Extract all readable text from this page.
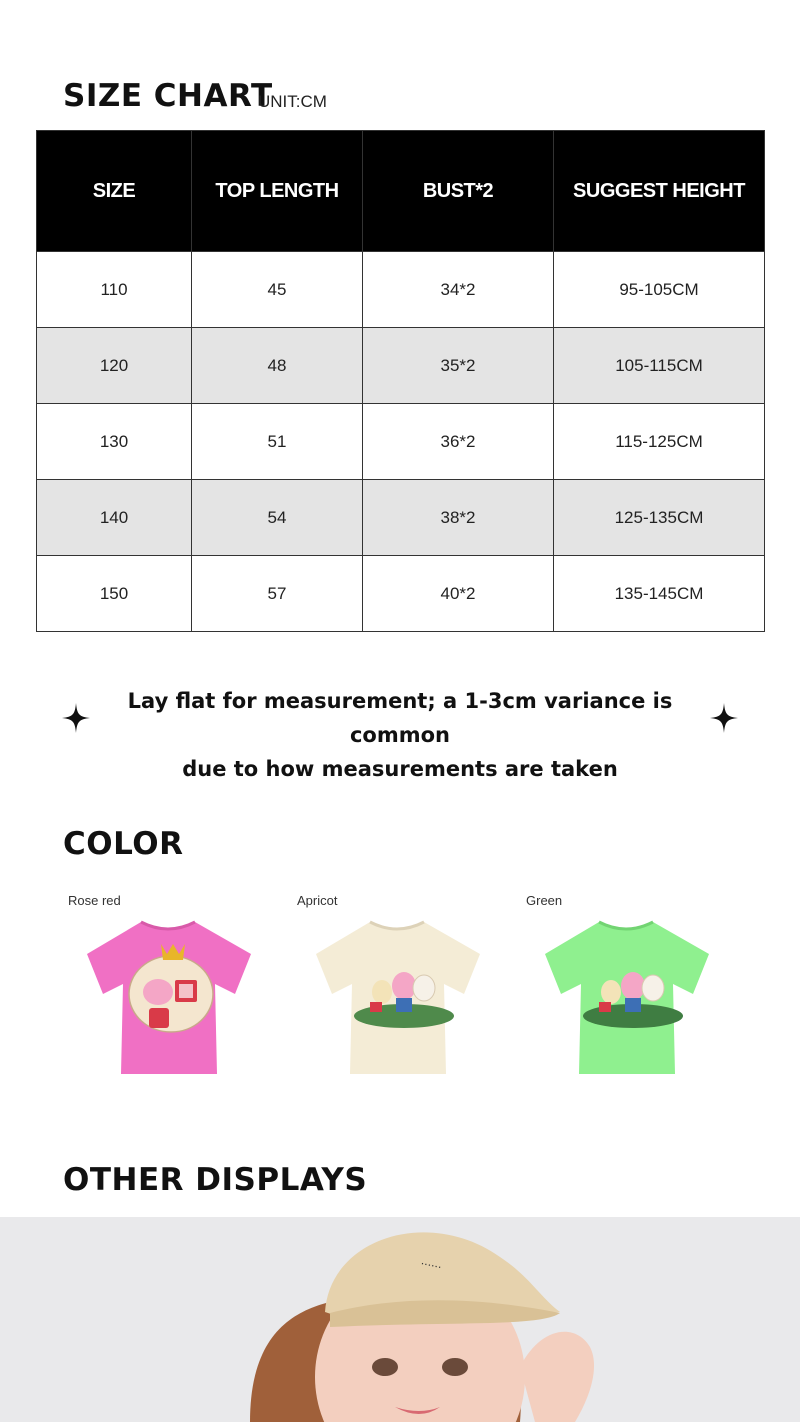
SIZE CHART
UNIT:CM
SIZE	TOP LENGTH	BUST*2	SUGGEST HEIGHT
110	45	34*2	95-105CM
120	48	35*2	105-115CM
130	51	36*2	115-125CM
140	54	38*2	125-135CM
150	57	40*2	135-145CM
Lay flat for measurement; a 1-3cm variance is common
due to how measurements are taken
COLOR
Rose red	Apricot	Green
OTHER DISPLAYS
······
